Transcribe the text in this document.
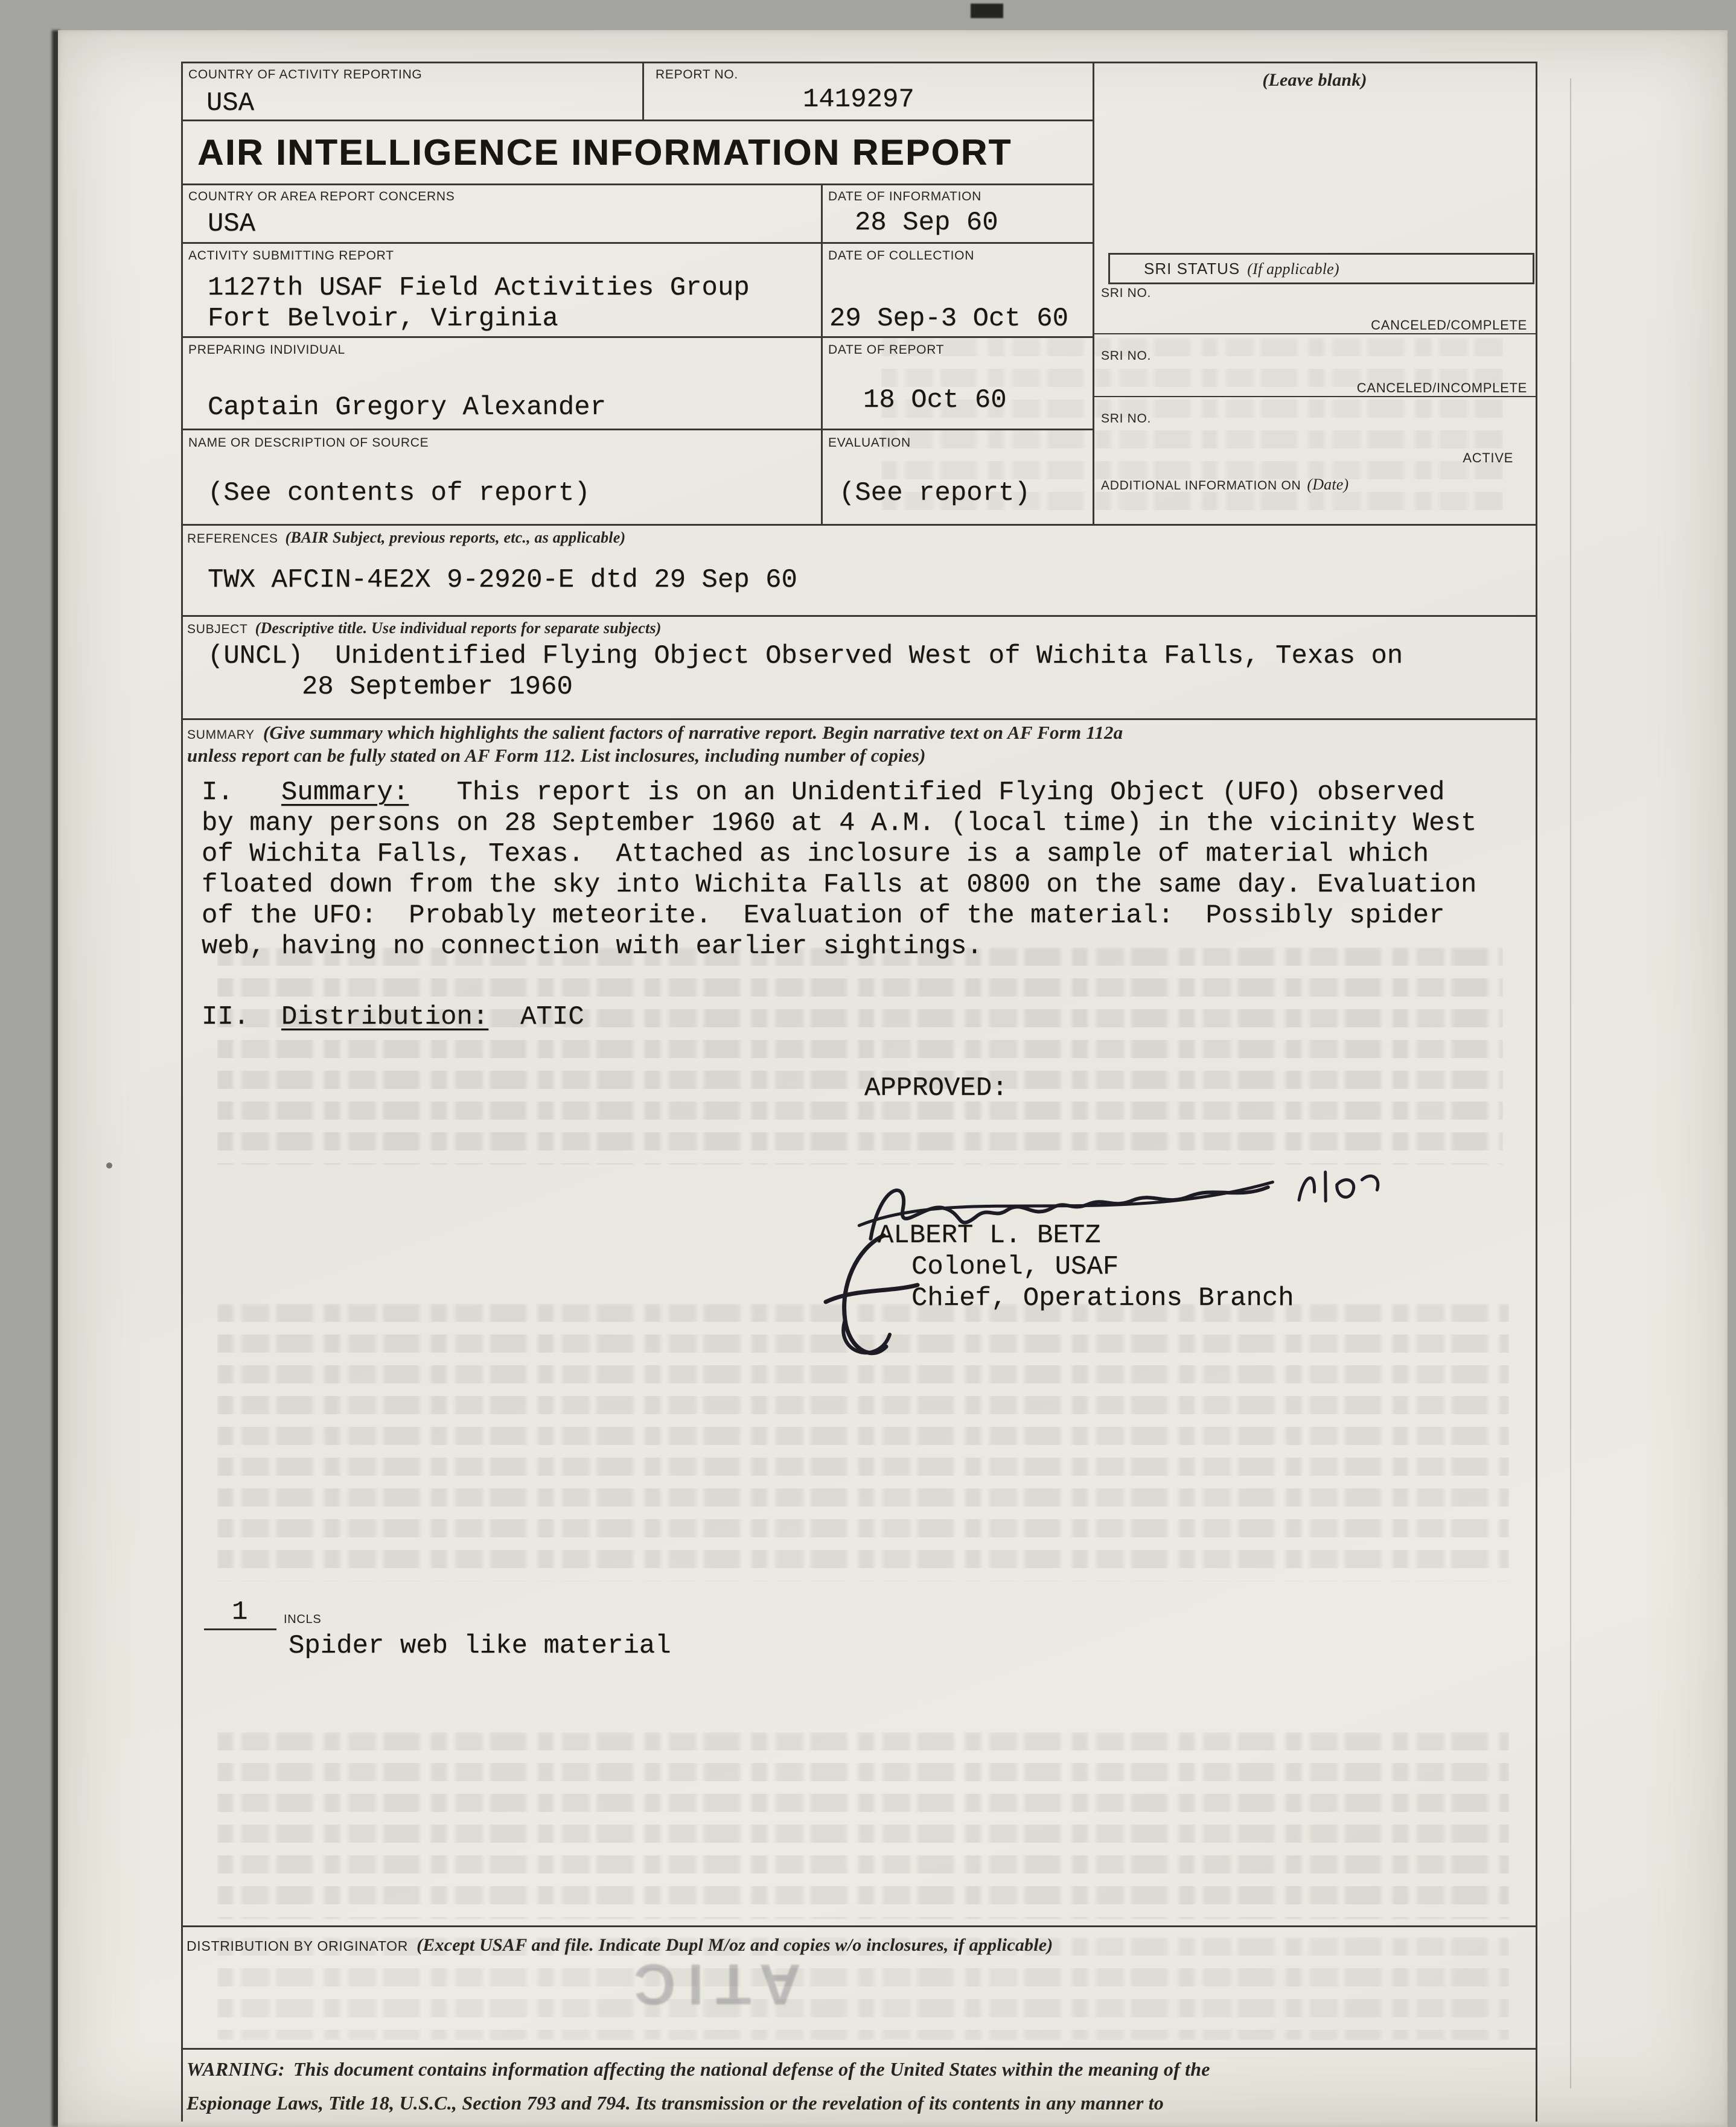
COUNTRY OF ACTIVITY REPORTING
USA
REPORT NO.
1419297
(Leave blank)
AIR INTELLIGENCE INFORMATION REPORT
COUNTRY OR AREA REPORT CONCERNS
USA
DATE OF INFORMATION
28 Sep 60
ACTIVITY SUBMITTING REPORT
1127th USAF Field Activities Group
Fort Belvoir, Virginia
DATE OF COLLECTION
29 Sep-3 Oct 60
PREPARING INDIVIDUAL
Captain Gregory Alexander
DATE OF REPORT
18 Oct 60
NAME OR DESCRIPTION OF SOURCE
(See contents of report)
EVALUATION
(See report)
SRI STATUS (If applicable)
SRI NO.
CANCELED/COMPLETE
SRI NO.
CANCELED/INCOMPLETE
SRI NO.
ACTIVE
ADDITIONAL INFORMATION ON (Date)
REFERENCES (BAIR Subject, previous reports, etc., as applicable)
TWX AFCIN-4E2X 9-2920-E dtd 29 Sep 60
SUBJECT (Descriptive title. Use individual reports for separate subjects)
(UNCL)  Unidentified Flying Object Observed West of Wichita Falls, Texas on
28 September 1960
SUMMARY (Give summary which highlights the salient factors of narrative report. Begin narrative text on AF Form 112a
unless report can be fully stated on AF Form 112. List inclosures, including number of copies)
I.   Summary:   This report is on an Unidentified Flying Object (UFO) observed
by many persons on 28 September 1960 at 4 A.M. (local time) in the vicinity West
of Wichita Falls, Texas.  Attached as inclosure is a sample of material which
floated down from the sky into Wichita Falls at 0800 on the same day. Evaluation
of the UFO:  Probably meteorite.  Evaluation of the material:  Possibly spider
web, having no connection with earlier sightings.
II.  Distribution:  ATIC
APPROVED:
ALBERT L. BETZ
Colonel, USAF
Chief, Operations Branch
1	INCLS
Spider web like material
DISTRIBUTION BY ORIGINATOR (Except USAF and file. Indicate Dupl M/oz and copies w/o inclosures, if applicable)
ATIC
WARNING: This document contains information affecting the national defense of the United States within the meaning of the
Espionage Laws, Title 18, U.S.C., Section 793 and 794. Its transmission or the revelation of its contents in any manner to
